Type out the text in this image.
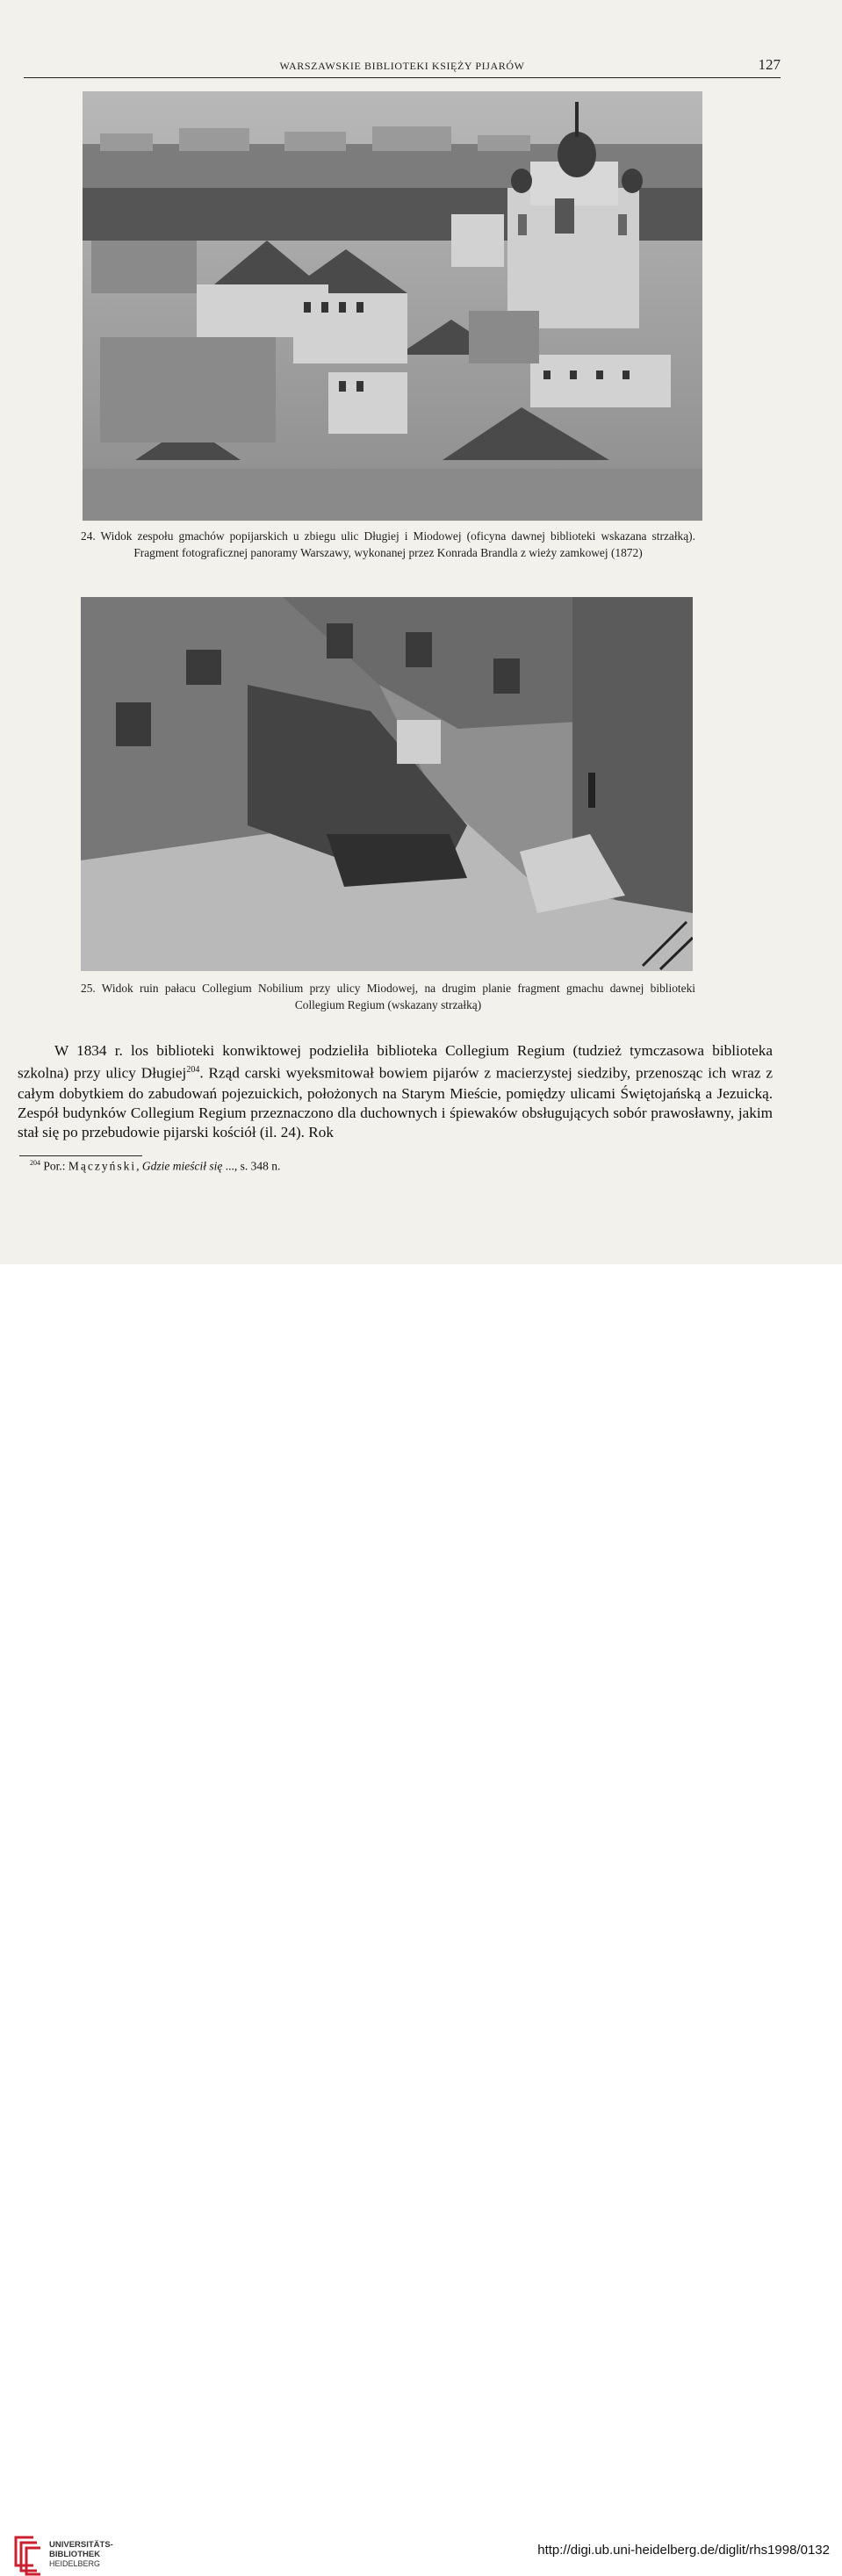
WARSZAWSKIE BIBLIOTEKI KSIĘŻY PIJARÓW	127
24. Widok zespołu gmachów popijarskich u zbiegu ulic Długiej i Miodowej (oficyna dawnej biblioteki wskazana strzałką). Fragment fotograficznej panoramy Warszawy, wykonanej przez Konrada Brandla z wieży zamkowej (1872)
25. Widok ruin pałacu Collegium Nobilium przy ulicy Miodowej, na drugim planie fragment gmachu dawnej biblioteki Collegium Regium (wskazany strzałką)

W 1834 r. los biblioteki konwiktowej podzieliła biblioteka Collegium Regium (tudzież tymczasowa biblioteka szkolna) przy ulicy Długiej$^{204}$. Rząd carski wyeksmitował bowiem pijarów z macierzystej siedziby, przenosząc ich wraz z całym dobytkiem do zabudowań pojezuickich, położonych na Starym Mieście, pomiędzy ulicami Świętojańską a Jezuicką. Zespół budynków Collegium Regium przeznaczono dla duchownych i śpiewaków obsługujących sobór prawosławny, jakim stał się po przebudowie pijarski kościół (il. 24). Rok

$^{204}$ Por.: Mączyński, Gdzie mieścił się ..., s. 348 n.
UNIVERSITÄTS-
BIBLIOTHEK
HEIDELBERG
http://digi.ub.uni-heidelberg.de/diglit/rhs1998/0132
